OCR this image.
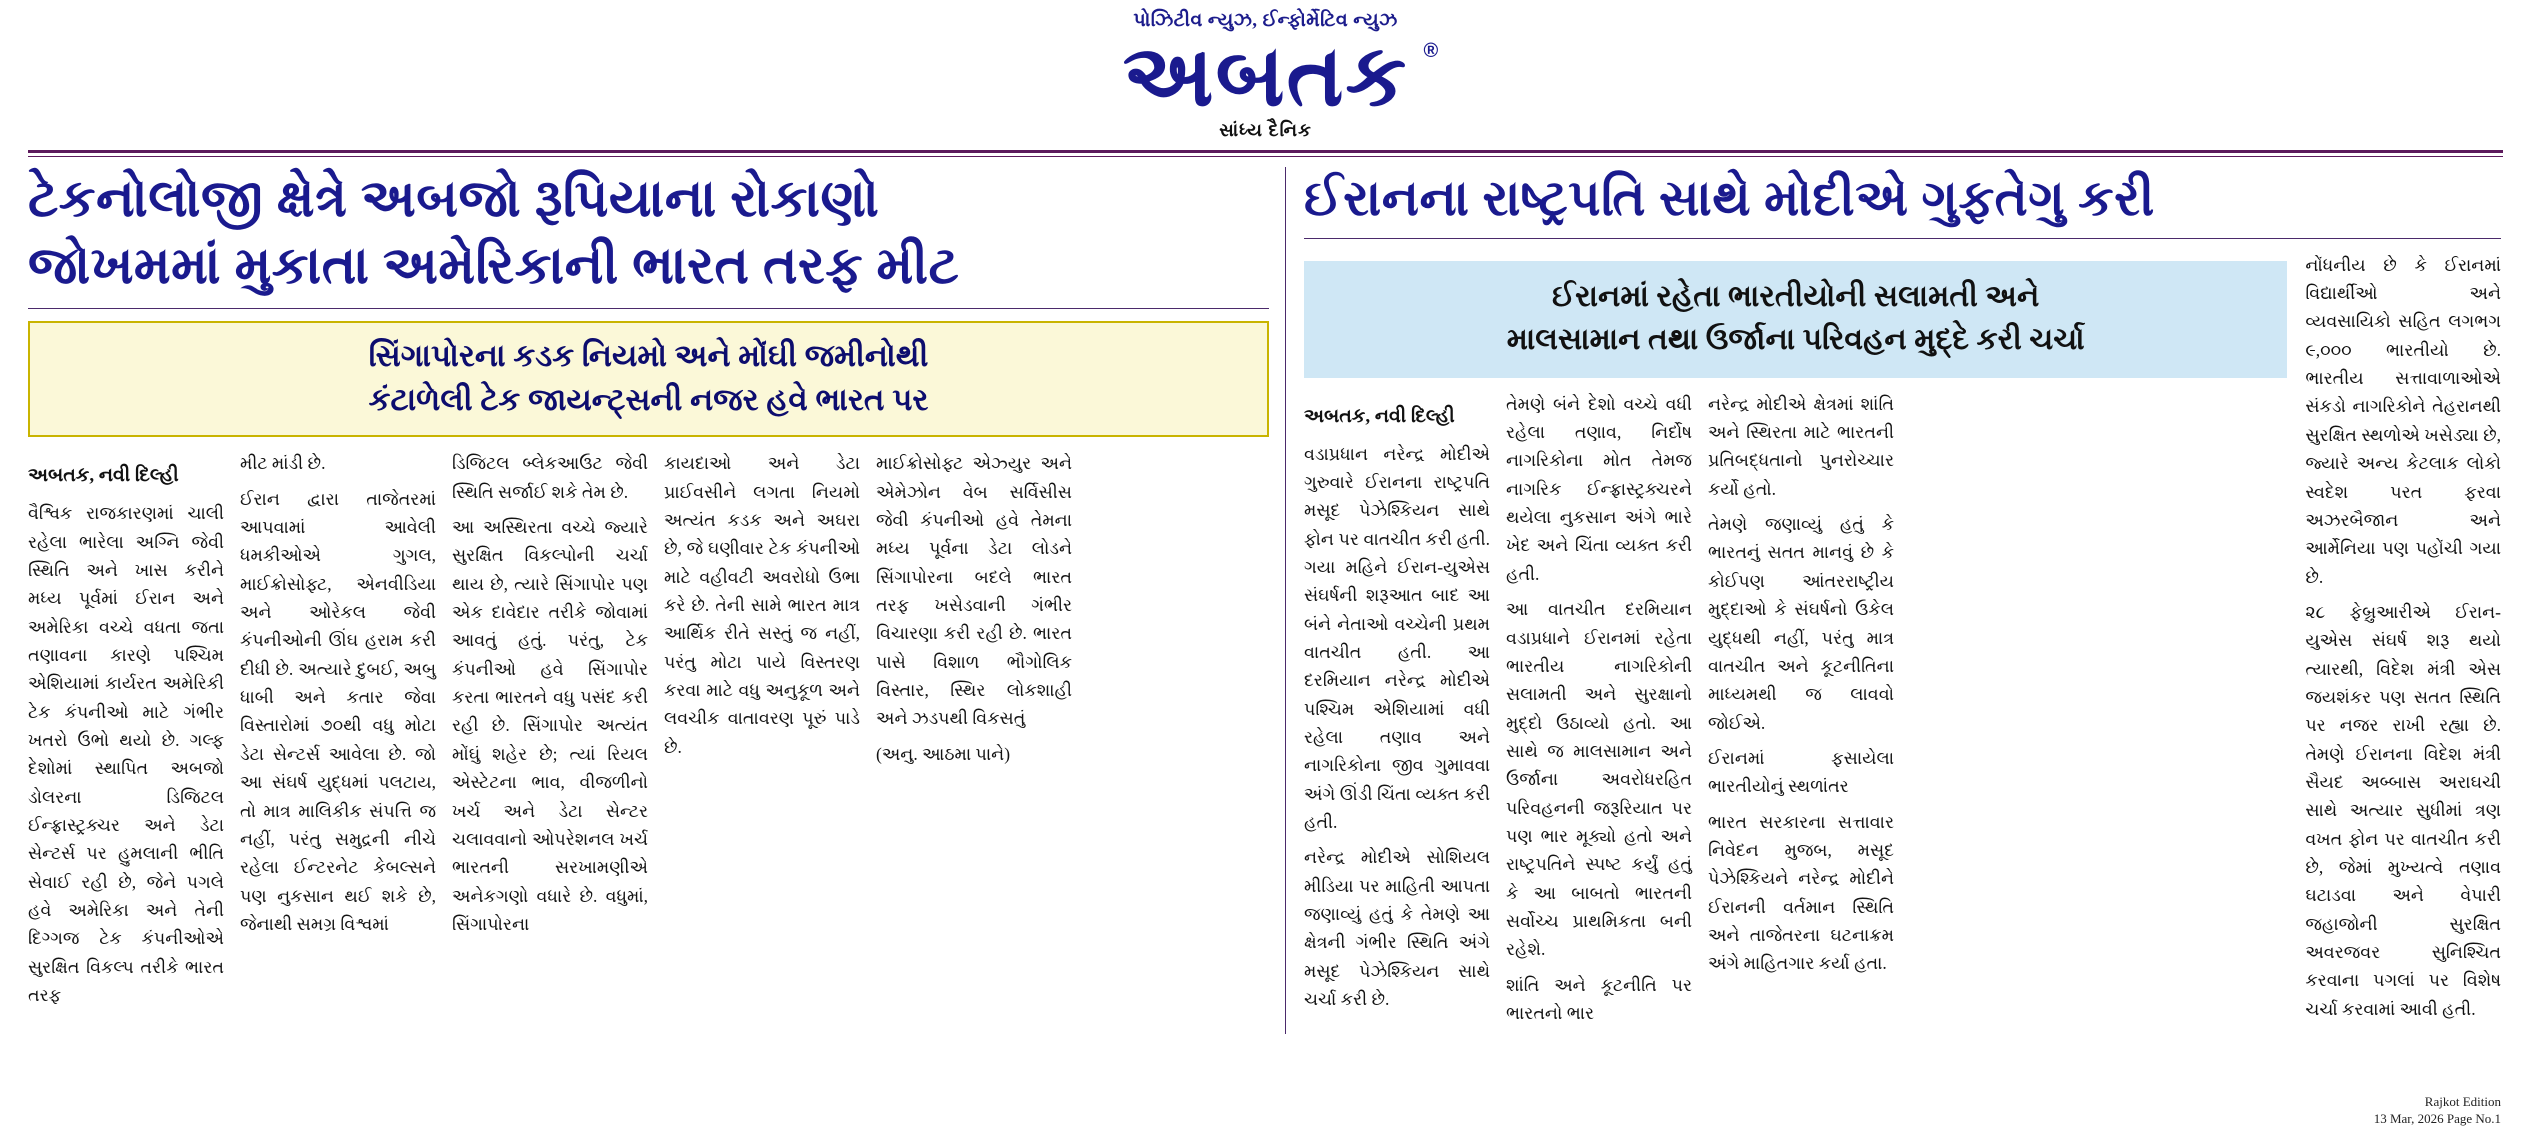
પોઝિટીવ ન્યુઝ, ઈન્ફોર્મેટિવ ન્યુઝ
અબતક ®
સાંધ્ય દૈનિક
ટેકનોલોજી ક્ષેત્રે અબજો રૂપિયાના રોકાણો
જોખમમાં મુકાતા અમેરિકાની ભારત તરફ મીટ
સિંગાપોરના કડક નિયમો અને મોંઘી જમીનોથી
કંટાળેલી ટેક જાયન્ટ્સની નજર હવે ભારત પર
અબતક, નવી દિલ્હી

વૈશ્વિક રાજકારણમાં ચાલી રહેલા ભારેલા અગ્નિ જેવી સ્થિતિ અને ખાસ કરીને મધ્ય પૂર્વમાં ઈરાન અને અમેરિકા વચ્ચે વધતા જતા તણાવના કારણે પશ્ચિમ એશિયામાં કાર્યરત અમેરિકી ટેક કંપનીઓ માટે ગંભીર ખતરો ઉભો થયો છે. ગલ્ફ દેશોમાં સ્થાપિત અબજો ડોલરના ડિજિટલ ઈન્ફ્રાસ્ટ્રક્ચર અને ડેટા સેન્ટર્સ પર હુમલાની ભીતિ સેવાઈ રહી છે, જેને પગલે હવે અમેરિકા અને તેની દિગ્ગજ ટેક કંપનીઓએ સુરક્ષિત વિકલ્પ તરીકે ભારત તરફ

મીટ માંડી છે.

ઈરાન દ્વારા તાજેતરમાં આપવામાં આવેલી ધમકીઓએ ગુગલ, માઈક્રોસોફ્ટ, એનવીડિયા અને ઓરેકલ જેવી કંપનીઓની ઊંઘ હરામ કરી દીધી છે. અત્યારે દુબઈ, અબુ ધાબી અને કતાર જેવા વિસ્તારોમાં ૭૦થી વધુ મોટા ડેટા સેન્ટર્સ આવેલા છે. જો આ સંઘર્ષ યુદ્ધમાં પલટાય, તો માત્ર માલિકીક સંપત્તિ જ નહીં, પરંતુ સમુદ્રની નીચે રહેલા ઈન્ટરનેટ કેબલ્સને પણ નુકસાન થઈ શકે છે, જેનાથી સમગ્ર વિશ્વમાં

ડિજિટલ બ્લેકઆઉટ જેવી સ્થિતિ સર્જાઈ શકે તેમ છે.

આ અસ્થિરતા વચ્ચે જ્યારે સુરક્ષિત વિકલ્પોની ચર્ચા થાય છે, ત્યારે સિંગાપોર પણ એક દાવેદાર તરીકે જોવામાં આવતું હતું. પરંતુ, ટેક કંપનીઓ હવે સિંગાપોર કરતા ભારતને વધુ પસંદ કરી રહી છે. સિંગાપોર અત્યંત મોંઘું શહેર છે; ત્યાં રિયલ એસ્ટેટના ભાવ, વીજળીનો ખર્ચ અને ડેટા સેન્ટર ચલાવવાનો ઓપરેશનલ ખર્ચ ભારતની સરખામણીએ અનેકગણો વધારે છે. વધુમાં, સિંગાપોરના

કાયદાઓ અને ડેટા પ્રાઈવસીને લગતા નિયમો અત્યંત કડક અને અઘરા છે, જે ઘણીવાર ટેક કંપનીઓ માટે વહીવટી અવરોધો ઉભા કરે છે. તેની સામે ભારત માત્ર આર્થિક રીતે સસ્તું જ નહીં, પરંતુ મોટા પાયે વિસ્તરણ કરવા માટે વધુ અનુકૂળ અને લવચીક વાતાવરણ પૂરું પાડે છે.

માઈક્રોસોફ્ટ એઝ્યુર અને એમેઝોન વેબ સર્વિસીસ જેવી કંપનીઓ હવે તેમના મધ્ય પૂર્વના ડેટા લોડને સિંગાપોરના બદલે ભારત તરફ ખસેડવાની ગંભીર વિચારણા કરી રહી છે. ભારત પાસે વિશાળ ભૌગોલિક વિસ્તાર, સ્થિર લોકશાહી અને ઝડપથી વિકસતું

(અનુ. આઠમા પાને)

ઈરાનના રાષ્ટ્રપતિ સાથે મોદીએ ગુફતેગુ કરી
ઈરાનમાં રહેતા ભારતીયોની સલામતી અને
માલસામાન તથા ઉર્જાના પરિવહન મુદ્દે કરી ચર્ચા
અબતક, નવી દિલ્હી

વડાપ્રધાન નરેન્દ્ર મોદીએ ગુરુવારે ઈરાનના રાષ્ટ્રપતિ મસૂદ પેઝેશ્કિયન સાથે ફોન પર વાતચીત કરી હતી. ગયા મહિને ઈરાન-યુએસ સંઘર્ષની શરૂઆત બાદ આ બંને નેતાઓ વચ્ચેની પ્રથમ વાતચીત હતી. આ દરમિયાન નરેન્દ્ર મોદીએ પશ્ચિમ એશિયામાં વધી રહેલા તણાવ અને નાગરિકોના જીવ ગુમાવવા અંગે ઊંડી ચિંતા વ્યક્ત કરી હતી.

નરેન્દ્ર મોદીએ સોશિયલ મીડિયા પર માહિતી આપતા જણાવ્યું હતું કે તેમણે આ ક્ષેત્રની ગંભીર સ્થિતિ અંગે મસૂદ પેઝેશ્કિયન સાથે ચર્ચા કરી છે.

તેમણે બંને દેશો વચ્ચે વધી રહેલા તણાવ, નિર્દોષ નાગરિકોના મોત તેમજ નાગરિક ઈન્ફ્રાસ્ટ્રક્ચરને થયેલા નુકસાન અંગે ભારે ખેદ અને ચિંતા વ્યક્ત કરી હતી.

આ વાતચીત દરમિયાન વડાપ્રધાને ઈરાનમાં રહેતા ભારતીય નાગરિકોની સલામતી અને સુરક્ષાનો મુદ્દો ઉઠાવ્યો હતો. આ સાથે જ માલસામાન અને ઉર્જાના અવરોધરહિત પરિવહનની જરૂરિયાત પર પણ ભાર મૂક્યો હતો અને રાષ્ટ્રપતિને સ્પષ્ટ કર્યું હતું કે આ બાબતો ભારતની સર્વોચ્ચ પ્રાથમિકતા બની રહેશે.

શાંતિ અને કૂટનીતિ પર ભારતનો ભાર

નરેન્દ્ર મોદીએ ક્ષેત્રમાં શાંતિ અને સ્થિરતા માટે ભારતની પ્રતિબદ્ધતાનો પુનરોચ્ચાર કર્યો હતો.

તેમણે જણાવ્યું હતું કે ભારતનું સતત માનવું છે કે કોઈપણ આંતરરાષ્ટ્રીય મુદ્દાઓ કે સંઘર્ષનો ઉકેલ યુદ્ધથી નહીં, પરંતુ માત્ર વાતચીત અને કૂટનીતિના માધ્યમથી જ લાવવો જોઈએ.

ઈરાનમાં ફસાયેલા ભારતીયોનું સ્થળાંતર

ભારત સરકારના સત્તાવાર નિવેદન મુજબ, મસૂદ પેઝેશ્કિયને નરેન્દ્ર મોદીને ઈરાનની વર્તમાન સ્થિતિ અને તાજેતરના ઘટનાક્રમ અંગે માહિતગાર કર્યા હતા.

નોંધનીય છે કે ઈરાનમાં વિદ્યાર્થીઓ અને વ્યવસાયિકો સહિત લગભગ ૯,૦૦૦ ભારતીયો છે. ભારતીય સત્તાવાળાઓએ સંકડો નાગરિકોને તેહરાનથી સુરક્ષિત સ્થળોએ ખસેડ્યા છે, જ્યારે અન્ય કેટલાક લોકો સ્વદેશ પરત ફરવા અઝરબૈજાન અને આર્મેનિયા પણ પહોંચી ગયા છે.

૨૮ ફેબ્રુઆરીએ ઈરાન-યુએસ સંઘર્ષ શરૂ થયો ત્યારથી, વિદેશ મંત્રી એસ જયશંકર પણ સતત સ્થિતિ પર નજર રાખી રહ્યા છે. તેમણે ઈરાનના વિદેશ મંત્રી સૈયદ અબ્બાસ અરાઘચી સાથે અત્યાર સુધીમાં ત્રણ વખત ફોન પર વાતચીત કરી છે, જેમાં મુખ્યત્વે તણાવ ઘટાડવા અને વેપારી જહાજોની સુરક્ષિત અવરજવર સુનિશ્ચિત કરવાના પગલાં પર વિશેષ ચર્ચા કરવામાં આવી હતી.

Rajkot Edition
13 Mar, 2026 Page No.1
